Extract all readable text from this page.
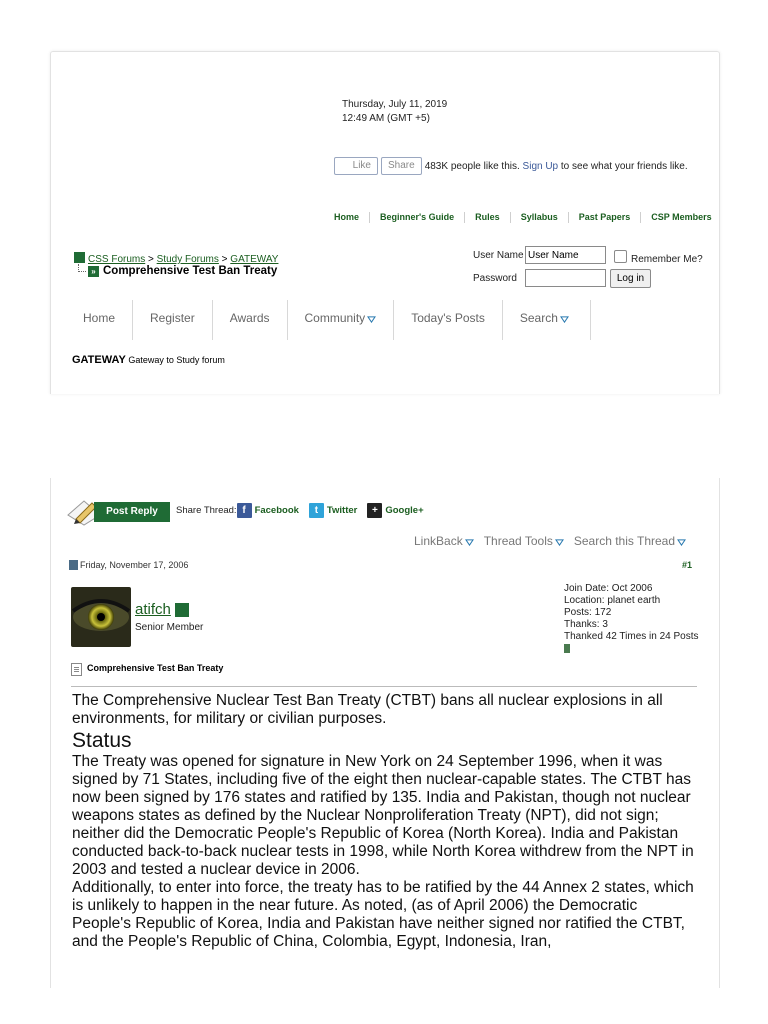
Thursday, July 11, 2019
12:49 AM (GMT +5)
Like	Share	483K people like this.
Sign Up
to see what your friends like.
Home	Beginner's Guide	Rules	Syllabus	Past Papers	CSP Members
CSS Forums > Study Forums > GATEWAY
» Comprehensive Test Ban Treaty
User Name
User Name	Remember Me?
Password	Log in
Home	Register	Awards	Community	Today's Posts	Search
GATEWAY Gateway to Study forum
Post Reply	Share Thread: f Facebook	t Twitter	+ Google+
LinkBack	Thread Tools	Search this Thread
Friday, November 17, 2006	#1
atifch
Senior Member
Join Date: Oct 2006
Location: planet earth
Posts: 172
Thanks: 3
Thanked 42 Times in 24 Posts
Comprehensive Test Ban Treaty
The Comprehensive Nuclear Test Ban Treaty (CTBT) bans all nuclear explosions in all environments, for military or civilian purposes.
Status
The Treaty was opened for signature in New York on 24 September 1996, when it was signed by 71 States, including five of the eight then nuclear-capable states. The CTBT has now been signed by 176 states and ratified by 135. India and Pakistan, though not nuclear weapons states as defined by the Nuclear Nonproliferation Treaty (NPT), did not sign; neither did the Democratic People's Republic of Korea (North Korea). India and Pakistan conducted back-to-back nuclear tests in 1998, while North Korea withdrew from the NPT in 2003 and tested a nuclear device in 2006.
Additionally, to enter into force, the treaty has to be ratified by the 44 Annex 2 states, which is unlikely to happen in the near future. As noted, (as of April 2006) the Democratic People's Republic of Korea, India and Pakistan have neither signed nor ratified the CTBT, and the People's Republic of China, Colombia, Egypt, Indonesia, Iran,
